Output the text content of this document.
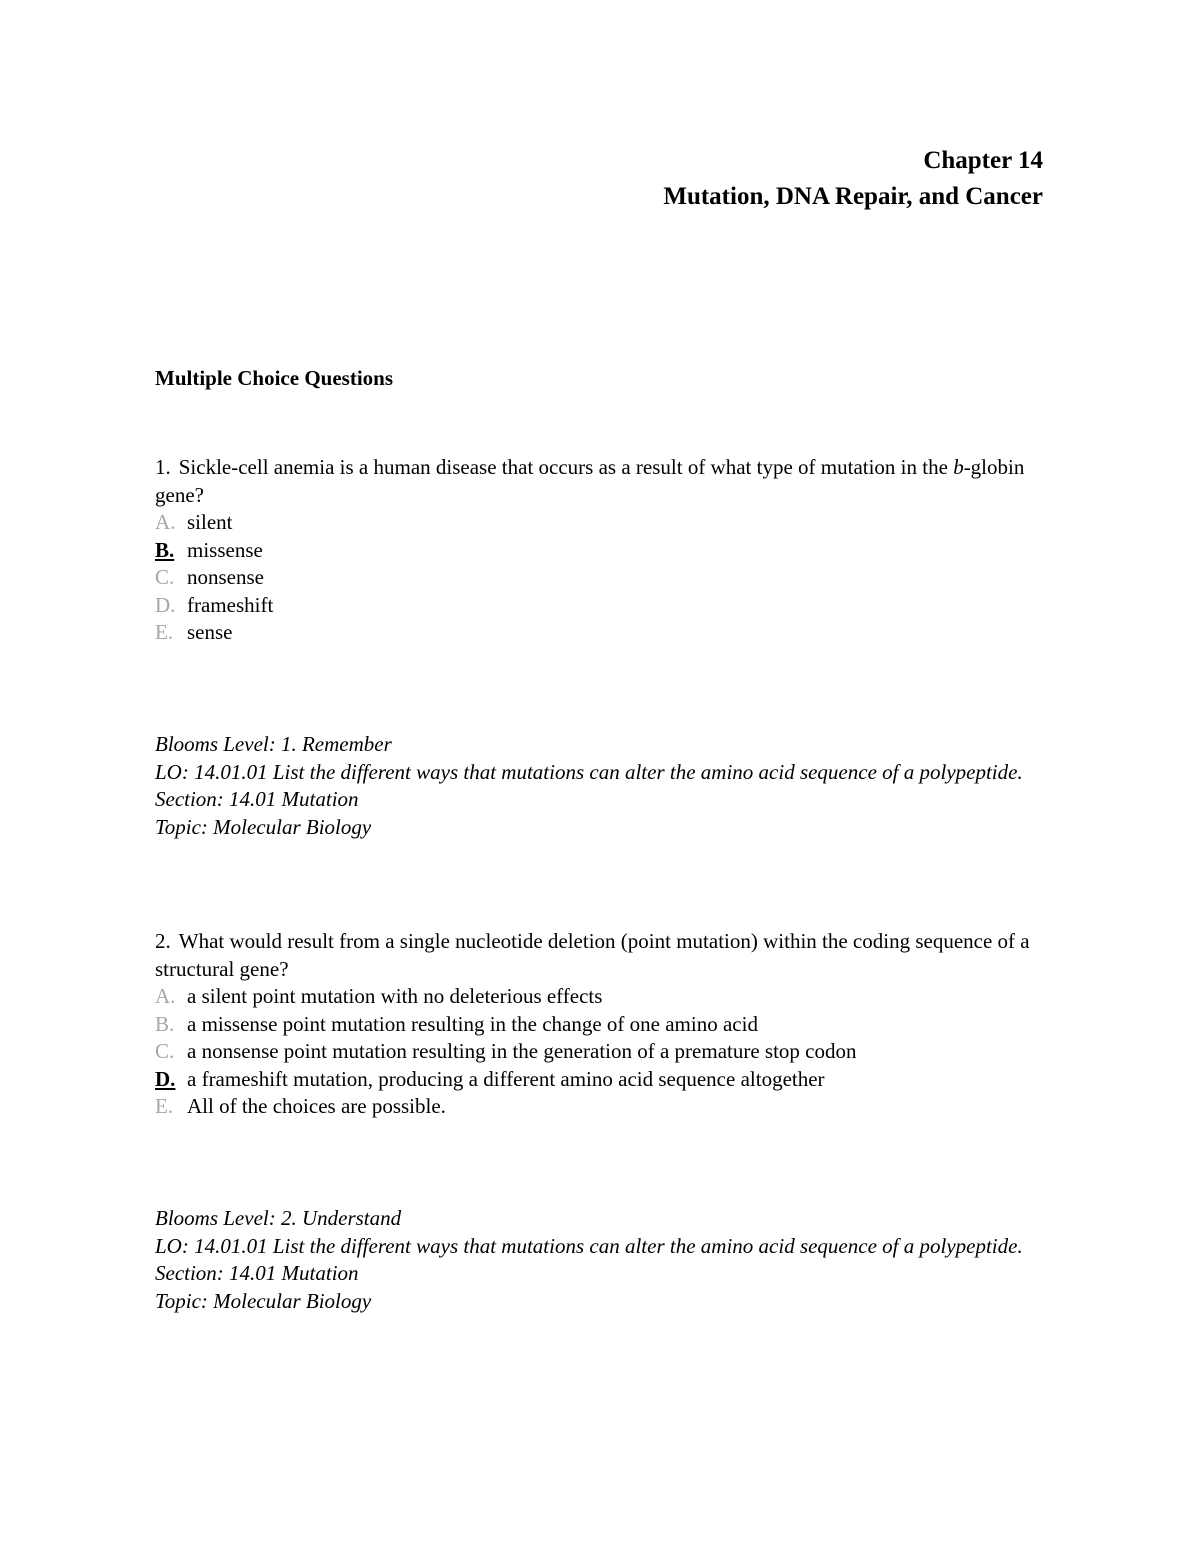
Chapter 14
Mutation, DNA Repair, and Cancer
Multiple Choice Questions

1. Sickle-cell anemia is a human disease that occurs as a result of what type of mutation in the b-globin gene?

A. silent
B. missense
C. nonsense
D. frameshift
E. sense

Blooms Level: 1. Remember

LO: 14.01.01 List the different ways that mutations can alter the amino acid sequence of a polypeptide.

Section: 14.01 Mutation

Topic: Molecular Biology

2. What would result from a single nucleotide deletion (point mutation) within the coding sequence of a structural gene?

A. a silent point mutation with no deleterious effects
B. a missense point mutation resulting in the change of one amino acid
C. a nonsense point mutation resulting in the generation of a premature stop codon
D. a frameshift mutation, producing a different amino acid sequence altogether
E. All of the choices are possible.

Blooms Level: 2. Understand

LO: 14.01.01 List the different ways that mutations can alter the amino acid sequence of a polypeptide.

Section: 14.01 Mutation

Topic: Molecular Biology
